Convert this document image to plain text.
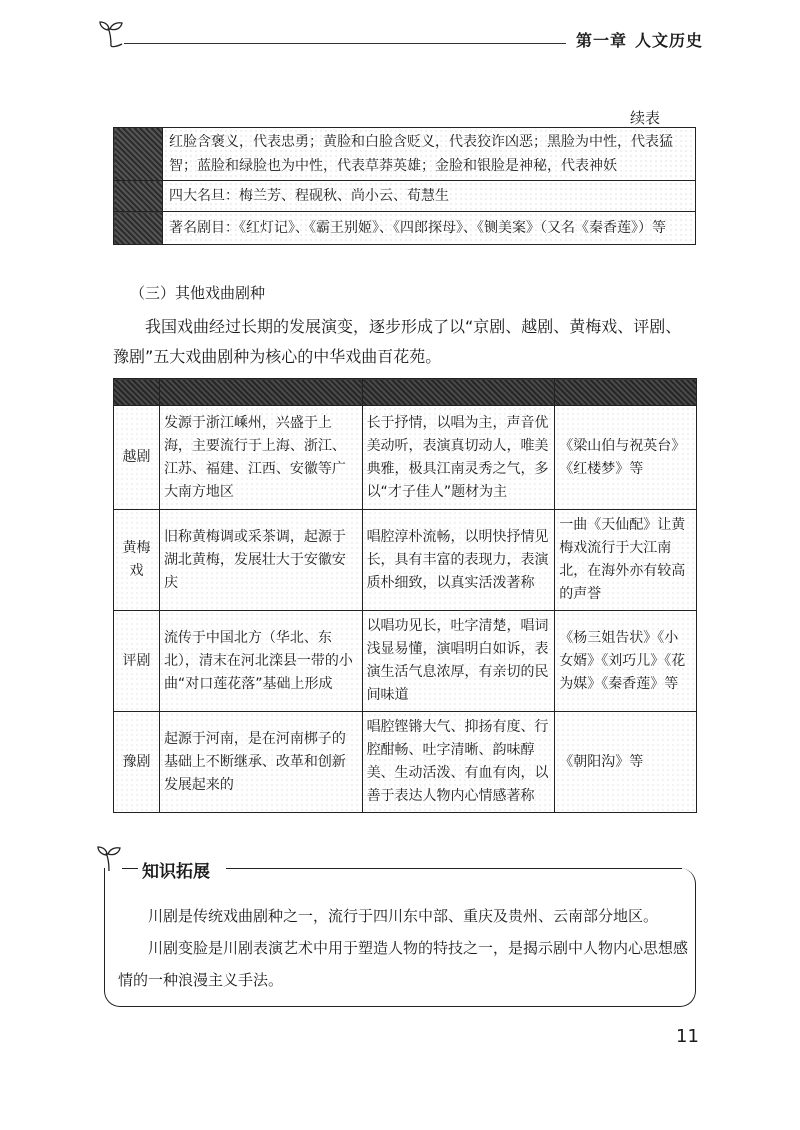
第一章 人文历史
续表
	红脸含褒义，代表忠勇；黄脸和白脸含贬义，代表狡诈凶恶；黑脸为中性，代表猛智；蓝脸和绿脸也为中性，代表草莽英雄；金脸和银脸是神秘，代表神妖
	四大名旦：梅兰芳、程砚秋、尚小云、荀慧生
	著名剧目：《红灯记》、《霸王别姬》、《四郎探母》、《铡美案》（又名《秦香莲》）等
（三）其他戏曲剧种
我国戏曲经过长期的发展演变，逐步形成了以“京剧、越剧、黄梅戏、评剧、豫剧”五大戏曲剧种为核心的中华戏曲百花苑。

越剧	发源于浙江嵊州，兴盛于上海，主要流行于上海、浙江、江苏、福建、江西、安徽等广大南方地区	长于抒情，以唱为主，声音优美动听，表演真切动人，唯美典雅，极具江南灵秀之气，多以“才子佳人”题材为主	《梁山伯与祝英台》《红楼梦》等
黄梅戏	旧称黄梅调或采茶调，起源于湖北黄梅，发展壮大于安徽安庆	唱腔淳朴流畅，以明快抒情见长，具有丰富的表现力，表演质朴细致，以真实活泼著称	一曲《天仙配》让黄梅戏流行于大江南北，在海外亦有较高的声誉
评剧	流传于中国北方（华北、东北），清末在河北滦县一带的小曲“对口莲花落”基础上形成	以唱功见长，吐字清楚，唱词浅显易懂，演唱明白如诉，表演生活气息浓厚，有亲切的民间味道	《杨三姐告状》《小女婿》《刘巧儿》《花为媒》《秦香莲》等
豫剧	起源于河南，是在河南梆子的基础上不断继承、改革和创新发展起来的	唱腔铿锵大气、抑扬有度、行腔酣畅、吐字清晰、韵味醇美、生动活泼、有血有肉，以善于表达人物内心情感著称	《朝阳沟》等
知识拓展

川剧是传统戏曲剧种之一，流行于四川东中部、重庆及贵州、云南部分地区。

川剧变脸是川剧表演艺术中用于塑造人物的特技之一，是揭示剧中人物内心思想感情的一种浪漫主义手法。

11
